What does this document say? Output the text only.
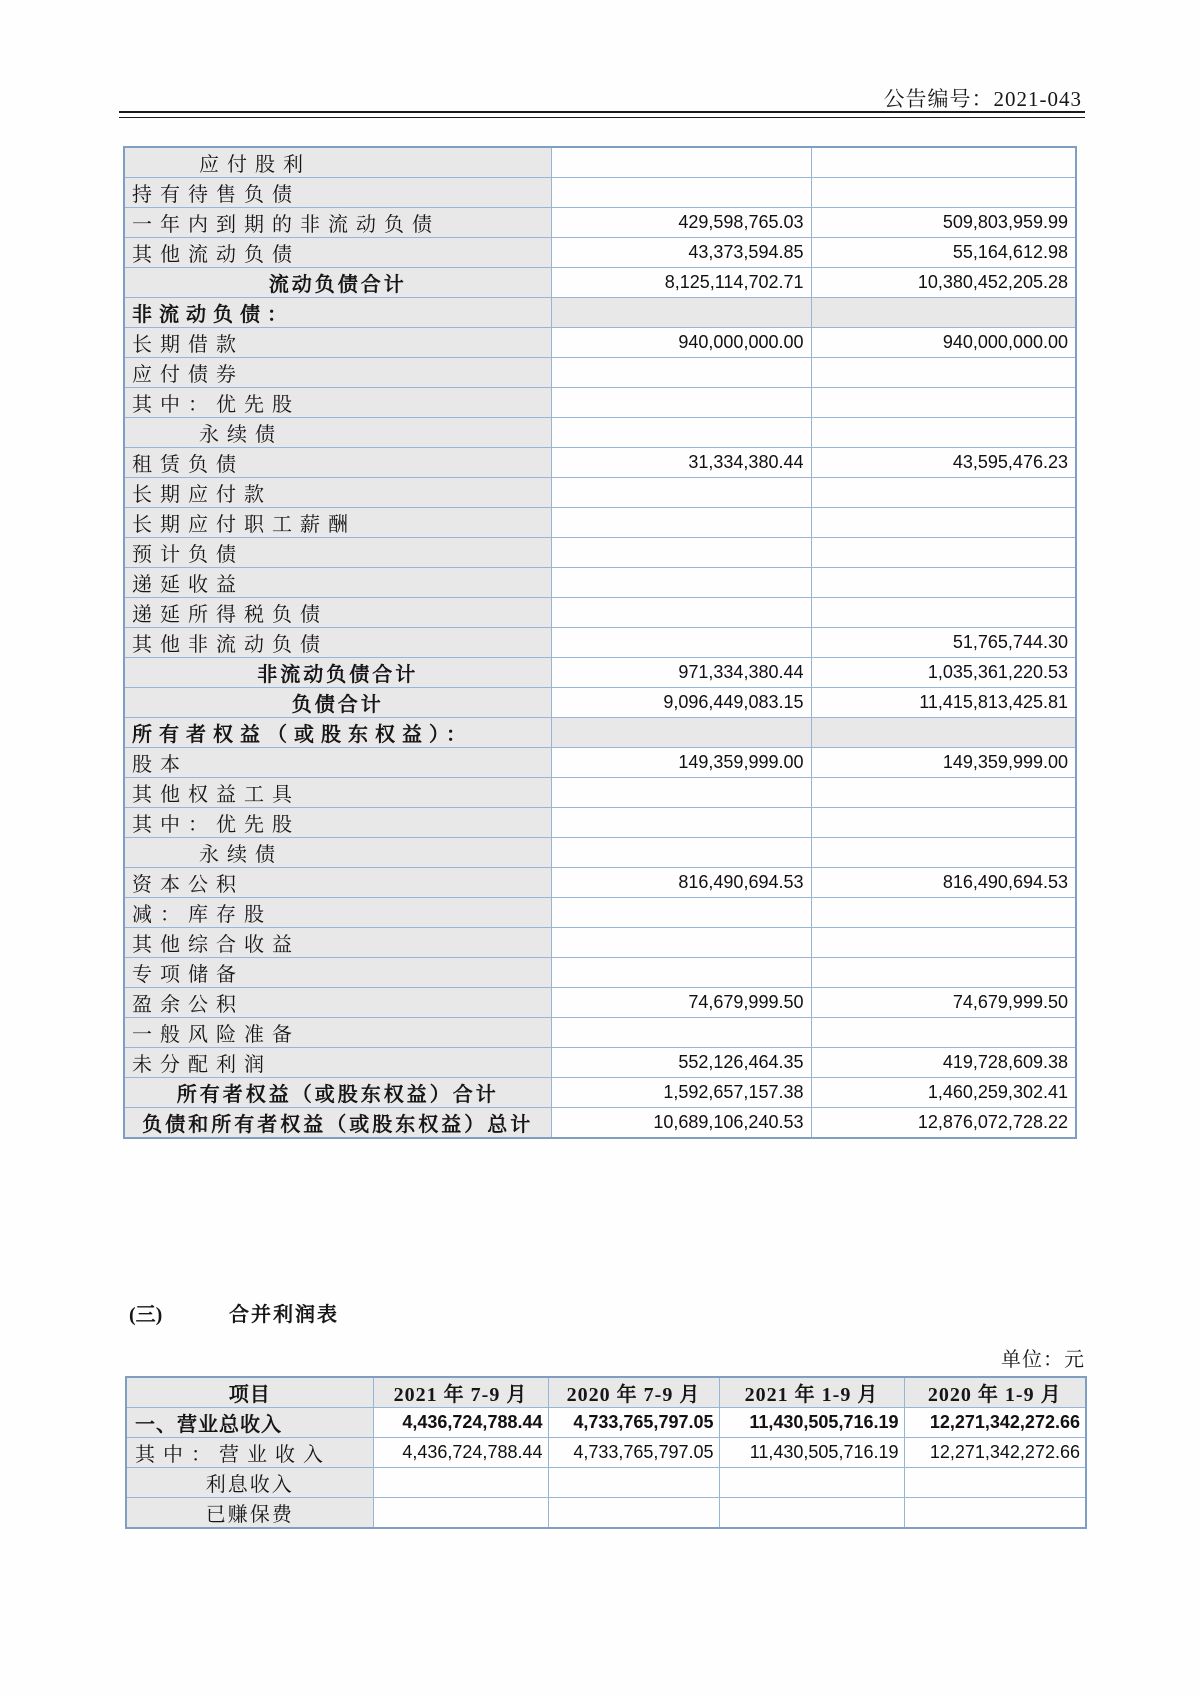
公告编号：2021-043
应付股利		
持有待售负债		
一年内到期的非流动负债	429,598,765.03	509,803,959.99
其他流动负债	43,373,594.85	55,164,612.98
流动负债合计	8,125,114,702.71	10,380,452,205.28
非流动负债：		
长期借款	940,000,000.00	940,000,000.00
应付债券		
其中：优先股		
永续债		
租赁负债	31,334,380.44	43,595,476.23
长期应付款		
长期应付职工薪酬		
预计负债		
递延收益		
递延所得税负债		
其他非流动负债		51,765,744.30
非流动负债合计	971,334,380.44	1,035,361,220.53
负债合计	9,096,449,083.15	11,415,813,425.81
所有者权益（或股东权益）：		
股本	149,359,999.00	149,359,999.00
其他权益工具		
其中：优先股		
永续债		
资本公积	816,490,694.53	816,490,694.53
减：库存股		
其他综合收益		
专项储备		
盈余公积	74,679,999.50	74,679,999.50
一般风险准备		
未分配利润	552,126,464.35	419,728,609.38
所有者权益（或股东权益）合计	1,592,657,157.38	1,460,259,302.41
负债和所有者权益（或股东权益）总计	10,689,106,240.53	12,876,072,728.22
(三)	合并利润表
单位：元
项目	2021 年 7-9 月	2020 年 7-9 月	2021 年 1-9 月	2020 年 1-9 月
一、营业总收入	4,436,724,788.44	4,733,765,797.05	11,430,505,716.19	12,271,342,272.66
其中：营业收入	4,436,724,788.44	4,733,765,797.05	11,430,505,716.19	12,271,342,272.66
利息收入				
已赚保费				
